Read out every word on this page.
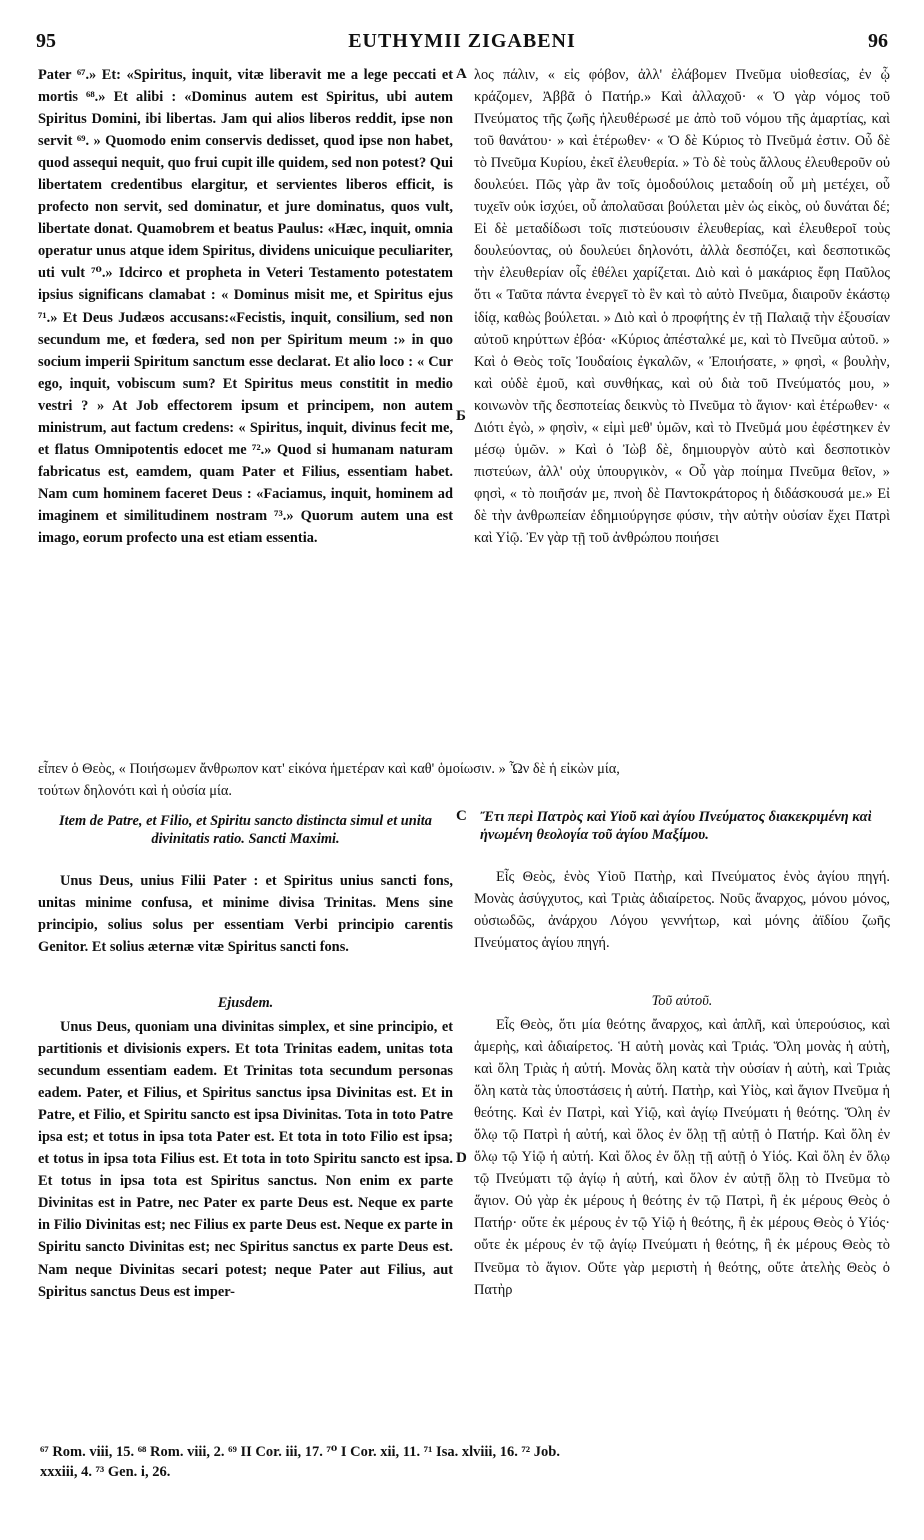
95	EUTHYMII ZIGABENI	96

Pater ⁶⁷.» Et: «Spiritus, inquit, vitæ liberavit me a lege peccati et mortis ⁶⁸.» Et alibi : «Dominus autem est Spiritus, ubi autem Spiritus Domini, ibi libertas. Jam qui alios liberos reddit, ipse non servit ⁶⁹. » Quomodo enim conservis dedisset, quod ipse non habet, quod assequi nequit, quo frui cupit ille quidem, sed non potest? Qui libertatem credentibus elargitur, et servientes liberos efficit, is profecto non servit, sed dominatur, et jure dominatus, quos vult, libertate donat. Quamobrem et beatus Paulus: «Hæc, inquit, omnia operatur unus atque idem Spiritus, dividens unicuique peculiariter, uti vult ⁷⁰.» Idcirco et propheta in Veteri Testamento potestatem ipsius significans clamabat : « Dominus misit me, et Spiritus ejus ⁷¹.» Et Deus Judæos accusans:«Fecistis, inquit, consilium, sed non secundum me, et fœdera, sed non per Spiritum meum :» in quo socium imperii Spiritum sanctum esse declarat. Et alio loco : « Cur ego, inquit, vobiscum sum? Et Spiritus meus constitit in medio vestri ? » At Job effectorem ipsum et principem, non autem ministrum, aut factum credens: « Spiritus, inquit, divinus fecit me, et flatus Omnipotentis edocet me ⁷².» Quod si humanam naturam fabricatus est, eamdem, quam Pater et Filius, essentiam habet. Nam cum hominem faceret Deus : «Faciamus, inquit, hominem ad imaginem et similitudinem nostram ⁷³.» Quorum autem una est imago, eorum profecto una est etiam essentia.

λος πάλιν, « εἰς φόβον, ἀλλ' ἐλάβομεν Πνεῦμα υἱοθεσίας, ἐν ᾧ κράζομεν, Ἀββᾶ ὁ Πατήρ.» Καὶ ἀλλαχοῦ· « Ὁ γὰρ νόμος τοῦ Πνεύματος τῆς ζωῆς ἠλευθέρωσέ με ἀπὸ τοῦ νόμου τῆς ἁμαρτίας, καὶ τοῦ θανάτου· » καὶ ἑτέρωθεν· « Ὁ δὲ Κύριος τὸ Πνεῦμά ἐστιν. Οὗ δὲ τὸ Πνεῦμα Κυρίου, ἐκεῖ ἐλευθερία. » Τὸ δὲ τοὺς ἄλλους ἐλευθεροῦν οὐ δουλεύει. Πῶς γὰρ ἂν τοῖς ὁμοδούλοις μεταδοίη οὗ μὴ μετέχει, οὗ τυχεῖν οὐκ ἰσχύει, οὗ ἀπολαῦσαι βούλεται μὲν ὡς εἰκὸς, οὐ δυνάται δέ; Εἰ δὲ μεταδίδωσι τοῖς πιστεύουσιν ἐλευθερίας, καὶ ἐλευθεροῖ τοὺς δουλεύοντας, οὐ δουλεύει δηλονότι, ἀλλὰ δεσπόζει, καὶ δεσποτικῶς τὴν ἐλευθερίαν οἷς ἐθέλει χαρίζεται. Διὸ καὶ ὁ μακάριος ἔφη Παῦλος ὅτι « Ταῦτα πάντα ἐνεργεῖ τὸ ἓν καὶ τὸ αὐτὸ Πνεῦμα, διαιροῦν ἑκάστῳ ἰδίᾳ, καθὼς βούλεται. » Διὸ καὶ ὁ προφήτης ἐν τῇ Παλαιᾷ τὴν ἐξουσίαν αὐτοῦ κηρύττων ἐβόα· «Κύριος ἀπέσταλκέ με, καὶ τὸ Πνεῦμα αὐτοῦ. » Καὶ ὁ Θεὸς τοῖς Ἰουδαίοις ἐγκαλῶν, « Ἐποιήσατε, » φησὶ, « βουλὴν, καὶ οὐδὲ ἐμοῦ, καὶ συνθήκας, καὶ οὐ διὰ τοῦ Πνεύματός μου, » κοινωνὸν τῆς δεσποτείας δεικνὺς τὸ Πνεῦμα τὸ ἅγιον· καὶ ἑτέρωθεν· « Διότι ἐγὼ, » φησὶν, « εἰμὶ μεθ' ὑμῶν, καὶ τὸ Πνεῦμά μου ἐφέστηκεν ἐν μέσῳ ὑμῶν. » Καὶ ὁ Ἰὼβ δὲ, δημιουργὸν αὐτὸ καὶ δεσποτικὸν πιστεύων, ἀλλ' οὐχ ὑπουργικὸν, « Οὗ γὰρ ποίημα Πνεῦμα θεῖον, » φησὶ, « τὸ ποιῆσάν με, πνοὴ δὲ Παντοκράτορος ἡ διδάσκουσά με.» Εἰ δὲ τὴν ἀνθρωπείαν ἐδημιούργησε φύσιν, τὴν αὐτὴν οὐσίαν ἔχει Πατρὶ καὶ Υἱῷ. Ἐν γὰρ τῇ τοῦ ἀνθρώπου ποιήσει

εἶπεν ὁ Θεὸς, « Ποιήσωμεν ἄνθρωπον κατ' εἰκόνα ἡμετέραν καὶ καθ' ὁμοίωσιν. » Ὧν δὲ ἡ εἰκὼν μία,

τούτων δηλονότι καὶ ἡ οὐσία μία.

Item de Patre, et Filio, et Spiritu sancto distincta simul et unita divinitatis ratio. Sancti Maximi.
Ἔτι περὶ Πατρὸς καὶ Υἱοῦ καὶ ἁγίου Πνεύματος διακεκριμένη καὶ ἡνωμένη θεολογία τοῦ ἁγίου Μαξίμου.

Unus Deus, unius Filii Pater : et Spiritus unius sancti fons, unitas minime confusa, et minime divisa Trinitas. Mens sine principio, solius solus per essentiam Verbi principio carentis Genitor. Et solius æternæ vitæ Spiritus sancti fons.

Εἷς Θεὸς, ἑνὸς Υἱοῦ Πατὴρ, καὶ Πνεύματος ἑνὸς ἁγίου πηγή. Μονὰς ἀσύγχυτος, καὶ Τριὰς ἀδιαίρετος. Νοῦς ἄναρχος, μόνου μόνος, οὐσιωδῶς, ἀνάρχου Λόγου γεννήτωρ, καὶ μόνης ἀϊδίου ζωῆς Πνεύματος ἁγίου πηγή.

Ejusdem.	Τοῦ αὐτοῦ.

Unus Deus, quoniam una divinitas simplex, et sine principio, et partitionis et divisionis expers. Et tota Trinitas eadem, unitas tota secundum essentiam eadem. Et Trinitas tota secundum personas eadem. Pater, et Filius, et Spiritus sanctus ipsa Divinitas est. Et in Patre, et Filio, et Spiritu sancto est ipsa Divinitas. Tota in toto Patre ipsa est; et totus in ipsa tota Pater est. Et tota in toto Filio est ipsa; et totus in ipsa tota Filius est. Et tota in toto Spiritu sancto est ipsa. Et totus in ipsa tota est Spiritus sanctus. Non enim ex parte Divinitas est in Patre, nec Pater ex parte Deus est. Neque ex parte in Filio Divinitas est; nec Filius ex parte Deus est. Neque ex parte in Spiritu sancto Divinitas est; nec Spiritus sanctus ex parte Deus est. Nam neque Divinitas secari potest; neque Pater aut Filius, aut Spiritus sanctus Deus est imper-

Εἷς Θεὸς, ὅτι μία θεότης ἄναρχος, καὶ ἁπλῆ, καὶ ὑπερούσιος, καὶ ἀμερὴς, καὶ ἀδιαίρετος. Ἡ αὐτὴ μονὰς καὶ Τριάς. Ὅλη μονὰς ἡ αὐτὴ, καὶ ὅλη Τριὰς ἡ αὐτή. Μονὰς ὅλη κατὰ τὴν οὐσίαν ἡ αὐτὴ, καὶ Τριὰς ὅλη κατὰ τὰς ὑποστάσεις ἡ αὐτή. Πατὴρ, καὶ Υἱὸς, καὶ ἅγιον Πνεῦμα ἡ θεότης. Καὶ ἐν Πατρὶ, καὶ Υἱῷ, καὶ ἁγίῳ Πνεύματι ἡ θεότης. Ὅλη ἐν ὅλῳ τῷ Πατρὶ ἡ αὐτή, καὶ ὅλος ἐν ὅλῃ τῇ αὐτῇ ὁ Πατήρ. Καὶ ὅλη ἐν ὅλῳ τῷ Υἱῷ ἡ αὐτή. Καὶ ὅλος ἐν ὅλῃ τῇ αὐτῇ ὁ Υἱός. Καὶ ὅλη ἐν ὅλῳ τῷ Πνεύματι τῷ ἁγίῳ ἡ αὐτή, καὶ ὅλον ἐν αὐτῇ ὅλῃ τὸ Πνεῦμα τὸ ἅγιον. Οὐ γὰρ ἐκ μέρους ἡ θεότης ἐν τῷ Πατρὶ, ἢ ἐκ μέρους Θεὸς ὁ Πατήρ· οὔτε ἐκ μέρους ἐν τῷ Υἱῷ ἡ θεότης, ἢ ἐκ μέρους Θεὸς ὁ Υἱός· οὔτε ἐκ μέρους ἐν τῷ ἁγίῳ Πνεύματι ἡ θεότης, ἢ ἐκ μέρους Θεὸς τὸ Πνεῦμα τὸ ἅγιον. Οὔτε γὰρ μεριστὴ ἡ θεότης, οὔτε ἀτελὴς Θεὸς ὁ Πατὴρ

A
Б
C
D
⁶⁷ Rom. viii, 15. ⁶⁸ Rom. viii, 2. ⁶⁹ II Cor. iii, 17. ⁷⁰ I Cor. xii, 11. ⁷¹ Isa. xlviii, 16. ⁷² Job.
xxxiii, 4. ⁷³ Gen. i, 26.
